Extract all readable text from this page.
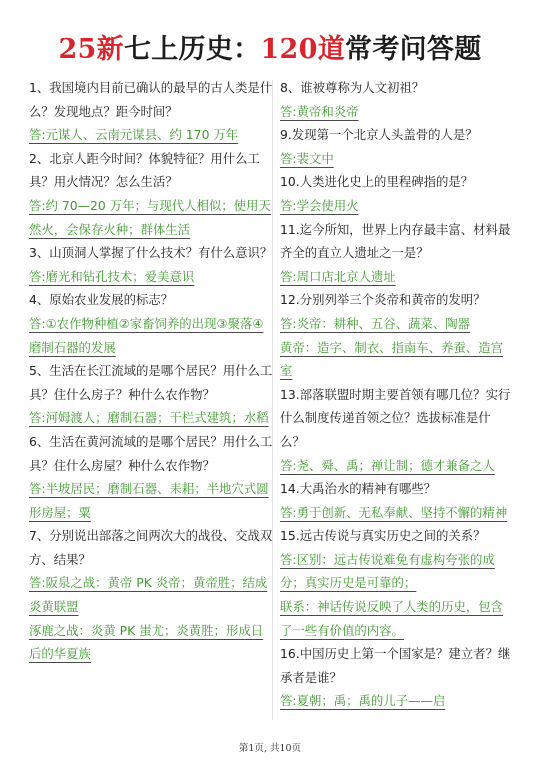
25新七上历史：120道常考问答题

1、我国境内目前已确认的最早的古人类是什么？发现地点？距今时间？

答:元谋人、云南元谋县、约 170 万年

2、北京人距今时间？体貌特征？用什么工具？用火情况？怎么生活？

答:约 70—20 万年；与现代人相似；使用天然火，会保存火种；群体生活

3、山顶洞人掌握了什么技术？有什么意识？

答:磨光和钻孔技术；爱美意识

4、原始农业发展的标志？

答:①农作物种植②家畜饲养的出现③聚落④磨制石器的发展

5、生活在长江流域的是哪个居民？用什么工具？住什么房子？种什么农作物？

答:河姆渡人；磨制石器；干栏式建筑；水稻

6、生活在黄河流域的是哪个居民？用什么工具？住什么房屋？种什么农作物？

答:半坡居民；磨制石器、耒耜；半地穴式圆形房屋；粟

7、分别说出部落之间两次大的战役、交战双方、结果？

答:阪泉之战：黄帝 PK 炎帝；黄帝胜；结成炎黄联盟

涿鹿之战：炎黄 PK 蚩尤；炎黄胜；形成日后的华夏族

8、谁被尊称为人文初祖？

答:黄帝和炎帝

9.发现第一个北京人头盖骨的人是？

答:裴文中

10.人类进化史上的里程碑指的是？

答:学会使用火

11.迄今所知，世界上内存最丰富、材料最齐全的直立人遗址之一是？

答:周口店北京人遗址

12.分别列举三个炎帝和黄帝的发明？

答:炎帝：耕种、五谷、蔬菜、陶器

黄帝：造字、制衣、指南车、养蚕、造宫室

13.部落联盟时期主要首领有哪几位？实行什么制度传递首领之位？选拔标准是什么？

答:尧、舜、禹；禅让制；德才兼备之人

14.大禹治水的精神有哪些？

答:勇于创新、无私奉献、坚持不懈的精神

15.远古传说与真实历史之间的关系？

答:区别：远古传说难免有虚构夸张的成分；真实历史是可靠的；

联系：神话传说反映了人类的历史，包含了一些有价值的内容。

16.中国历史上第一个国家是？建立者？继承者是谁？

答:夏朝；禹；禹的儿子——启

第1页, 共10页
